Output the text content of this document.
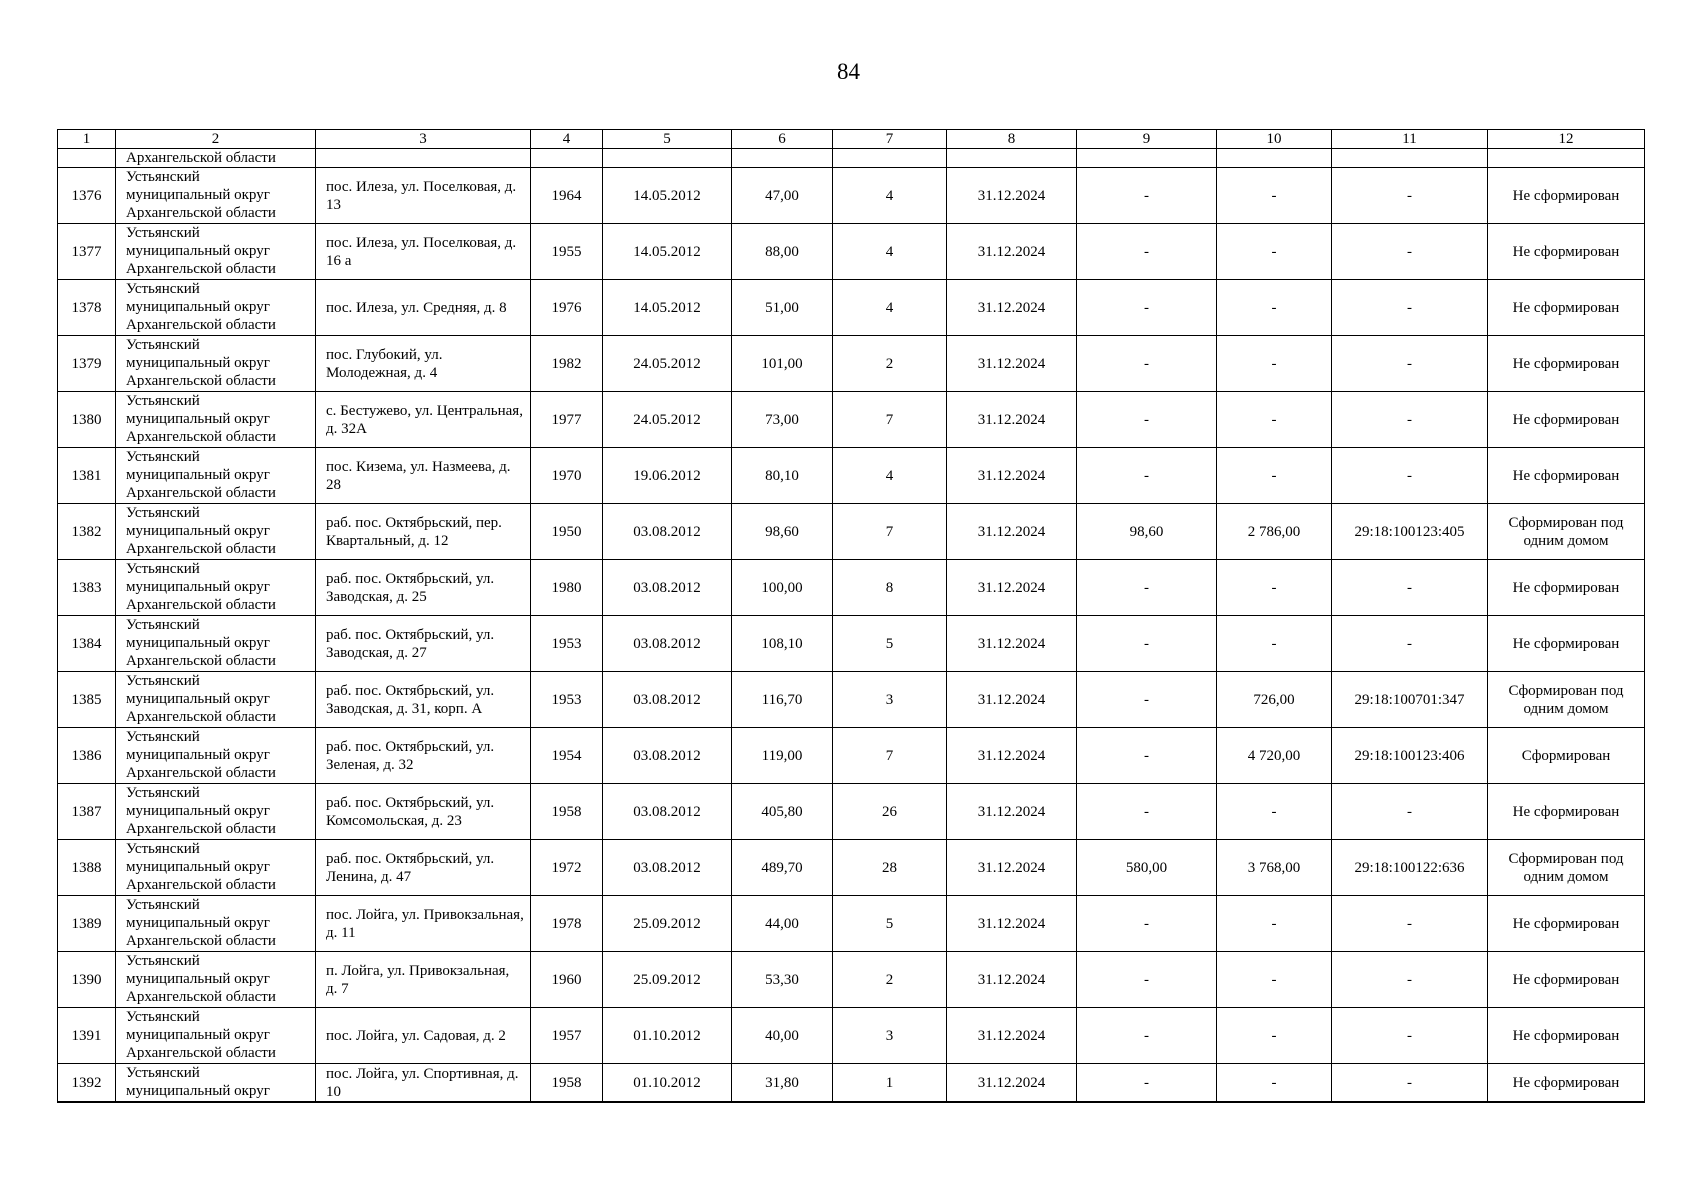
84
1	2	3	4	5	6	7	8	9	10	11	12
	Архангельской области										
1376	Устьянский
муниципальный округ
Архангельской области	пос. Илеза, ул. Поселковая, д. 13	1964	14.05.2012	47,00	4	31.12.2024	-	-	-	Не сформирован
1377	Устьянский
муниципальный округ
Архангельской области	пос. Илеза, ул. Поселковая, д. 16 а	1955	14.05.2012	88,00	4	31.12.2024	-	-	-	Не сформирован
1378	Устьянский
муниципальный округ
Архангельской области	пос. Илеза, ул. Средняя, д. 8	1976	14.05.2012	51,00	4	31.12.2024	-	-	-	Не сформирован
1379	Устьянский
муниципальный округ
Архангельской области	пос. Глубокий, ул. Молодежная, д. 4	1982	24.05.2012	101,00	2	31.12.2024	-	-	-	Не сформирован
1380	Устьянский
муниципальный округ
Архангельской области	с. Бестужево, ул. Центральная, д. 32А	1977	24.05.2012	73,00	7	31.12.2024	-	-	-	Не сформирован
1381	Устьянский
муниципальный округ
Архангельской области	пос. Кизема, ул. Назмеева, д. 28	1970	19.06.2012	80,10	4	31.12.2024	-	-	-	Не сформирован
1382	Устьянский
муниципальный округ
Архангельской области	раб. пос. Октябрьский, пер. Квартальный, д. 12	1950	03.08.2012	98,60	7	31.12.2024	98,60	2 786,00	29:18:100123:405	Сформирован под одним домом
1383	Устьянский
муниципальный округ
Архангельской области	раб. пос. Октябрьский, ул. Заводская, д. 25	1980	03.08.2012	100,00	8	31.12.2024	-	-	-	Не сформирован
1384	Устьянский
муниципальный округ
Архангельской области	раб. пос. Октябрьский, ул. Заводская, д. 27	1953	03.08.2012	108,10	5	31.12.2024	-	-	-	Не сформирован
1385	Устьянский
муниципальный округ
Архангельской области	раб. пос. Октябрьский, ул. Заводская, д. 31, корп. А	1953	03.08.2012	116,70	3	31.12.2024	-	726,00	29:18:100701:347	Сформирован под одним домом
1386	Устьянский
муниципальный округ
Архангельской области	раб. пос. Октябрьский, ул. Зеленая, д. 32	1954	03.08.2012	119,00	7	31.12.2024	-	4 720,00	29:18:100123:406	Сформирован
1387	Устьянский
муниципальный округ
Архангельской области	раб. пос. Октябрьский, ул. Комсомольская, д. 23	1958	03.08.2012	405,80	26	31.12.2024	-	-	-	Не сформирован
1388	Устьянский
муниципальный округ
Архангельской области	раб. пос. Октябрьский, ул. Ленина, д. 47	1972	03.08.2012	489,70	28	31.12.2024	580,00	3 768,00	29:18:100122:636	Сформирован под одним домом
1389	Устьянский
муниципальный округ
Архангельской области	пос. Лойга, ул. Привокзальная, д. 11	1978	25.09.2012	44,00	5	31.12.2024	-	-	-	Не сформирован
1390	Устьянский
муниципальный округ
Архангельской области	п. Лойга, ул. Привокзальная, д. 7	1960	25.09.2012	53,30	2	31.12.2024	-	-	-	Не сформирован
1391	Устьянский
муниципальный округ
Архангельской области	пос. Лойга, ул. Садовая, д. 2	1957	01.10.2012	40,00	3	31.12.2024	-	-	-	Не сформирован
1392	Устьянский
муниципальный округ	пос. Лойга, ул. Спортивная, д. 10	1958	01.10.2012	31,80	1	31.12.2024	-	-	-	Не сформирован
